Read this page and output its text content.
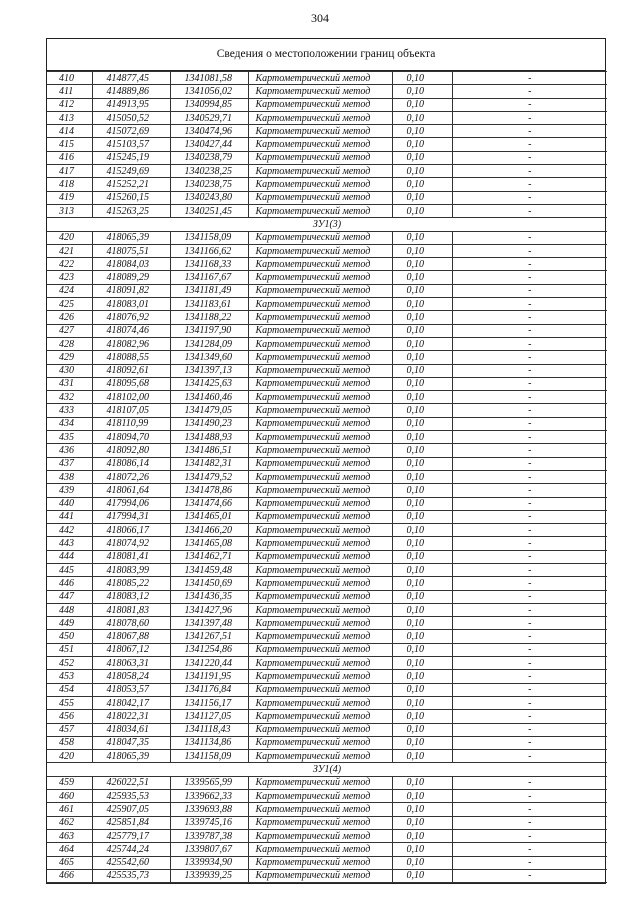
304
Сведения о местоположении границ объекта
410	414877,45	1341081,58	Картометрический метод	0,10	-
411	414889,86	1341056,02	Картометрический метод	0,10	-
412	414913,95	1340994,85	Картометрический метод	0,10	-
413	415050,52	1340529,71	Картометрический метод	0,10	-
414	415072,69	1340474,96	Картометрический метод	0,10	-
415	415103,57	1340427,44	Картометрический метод	0,10	-
416	415245,19	1340238,79	Картометрический метод	0,10	-
417	415249,69	1340238,25	Картометрический метод	0,10	-
418	415252,21	1340238,75	Картометрический метод	0,10	-
419	415260,15	1340243,80	Картометрический метод	0,10	-
313	415263,25	1340251,45	Картометрический метод	0,10	-
ЗУ1(3)					
420	418065,39	1341158,09	Картометрический метод	0,10	-
421	418075,51	1341166,62	Картометрический метод	0,10	-
422	418084,03	1341168,33	Картометрический метод	0,10	-
423	418089,29	1341167,67	Картометрический метод	0,10	-
424	418091,82	1341181,49	Картометрический метод	0,10	-
425	418083,01	1341183,61	Картометрический метод	0,10	-
426	418076,92	1341188,22	Картометрический метод	0,10	-
427	418074,46	1341197,90	Картометрический метод	0,10	-
428	418082,96	1341284,09	Картометрический метод	0,10	-
429	418088,55	1341349,60	Картометрический метод	0,10	-
430	418092,61	1341397,13	Картометрический метод	0,10	-
431	418095,68	1341425,63	Картометрический метод	0,10	-
432	418102,00	1341460,46	Картометрический метод	0,10	-
433	418107,05	1341479,05	Картометрический метод	0,10	-
434	418110,99	1341490,23	Картометрический метод	0,10	-
435	418094,70	1341488,93	Картометрический метод	0,10	-
436	418092,80	1341486,51	Картометрический метод	0,10	-
437	418086,14	1341482,31	Картометрический метод	0,10	-
438	418072,26	1341479,52	Картометрический метод	0,10	-
439	418061,64	1341478,86	Картометрический метод	0,10	-
440	417994,06	1341474,66	Картометрический метод	0,10	-
441	417994,31	1341465,01	Картометрический метод	0,10	-
442	418066,17	1341466,20	Картометрический метод	0,10	-
443	418074,92	1341465,08	Картометрический метод	0,10	-
444	418081,41	1341462,71	Картометрический метод	0,10	-
445	418083,99	1341459,48	Картометрический метод	0,10	-
446	418085,22	1341450,69	Картометрический метод	0,10	-
447	418083,12	1341436,35	Картометрический метод	0,10	-
448	418081,83	1341427,96	Картометрический метод	0,10	-
449	418078,60	1341397,48	Картометрический метод	0,10	-
450	418067,88	1341267,51	Картометрический метод	0,10	-
451	418067,12	1341254,86	Картометрический метод	0,10	-
452	418063,31	1341220,44	Картометрический метод	0,10	-
453	418058,24	1341191,95	Картометрический метод	0,10	-
454	418053,57	1341176,84	Картометрический метод	0,10	-
455	418042,17	1341156,17	Картометрический метод	0,10	-
456	418022,31	1341127,05	Картометрический метод	0,10	-
457	418034,61	1341118,43	Картометрический метод	0,10	-
458	418047,35	1341134,86	Картометрический метод	0,10	-
420	418065,39	1341158,09	Картометрический метод	0,10	-
ЗУ1(4)					
459	426022,51	1339565,99	Картометрический метод	0,10	-
460	425935,53	1339662,33	Картометрический метод	0,10	-
461	425907,05	1339693,88	Картометрический метод	0,10	-
462	425851,84	1339745,16	Картометрический метод	0,10	-
463	425779,17	1339787,38	Картометрический метод	0,10	-
464	425744,24	1339807,67	Картометрический метод	0,10	-
465	425542,60	1339934,90	Картометрический метод	0,10	-
466	425535,73	1339939,25	Картометрический метод	0,10	-
